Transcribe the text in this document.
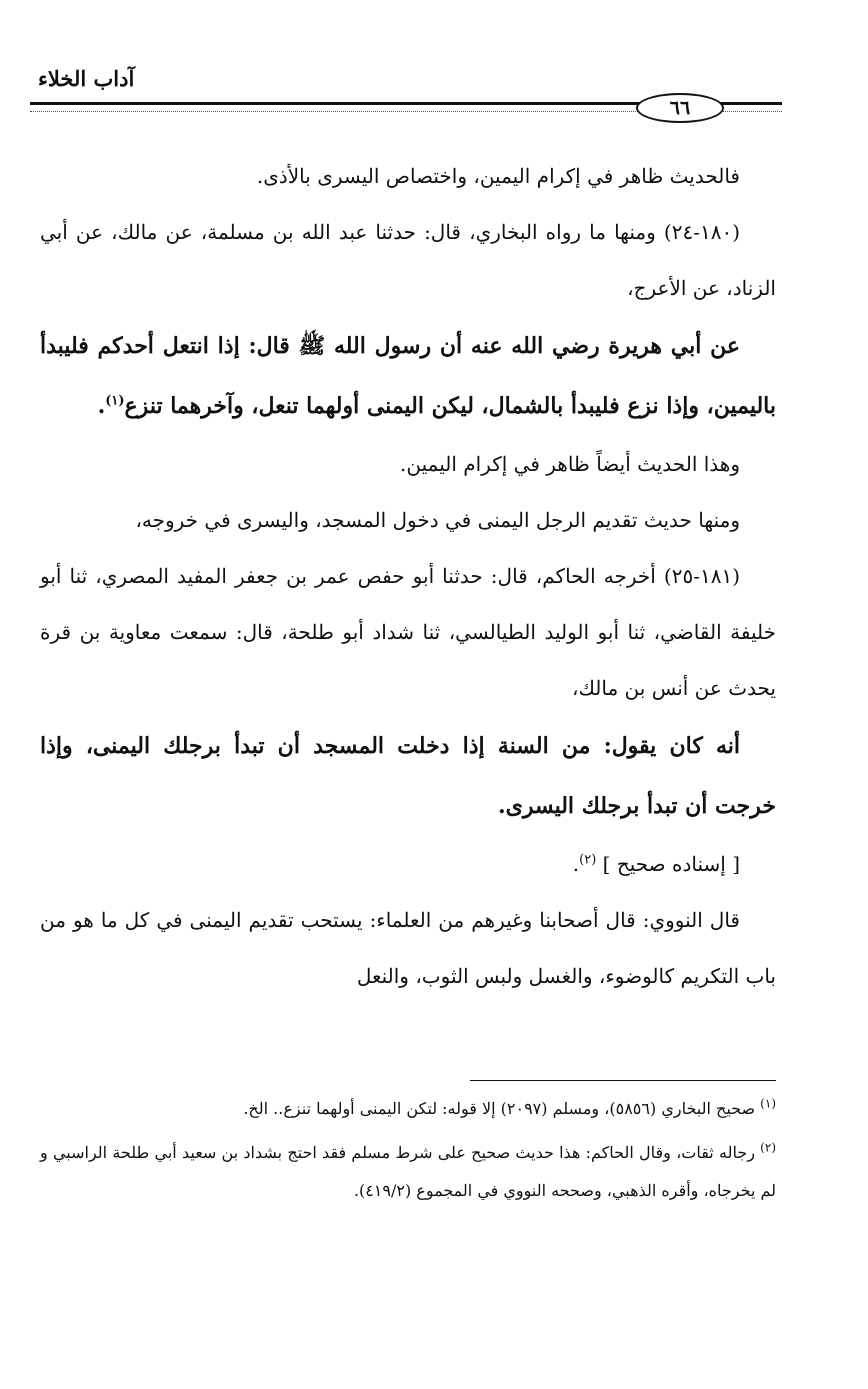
آداب الخلاء
٦٦

فالحديث ظاهر في إكرام اليمين، واختصاص اليسرى بالأذى.

(١٨٠-٢٤) ومنها ما رواه البخاري، قال: حدثنا عبد الله بن مسلمة، عن مالك، عن أبي الزناد، عن الأعرج،

عن أبي هريرة رضي الله عنه أن رسول الله ﷺ قال: إذا انتعل أحدكم فليبدأ باليمين، وإذا نزع فليبدأ بالشمال، ليكن اليمنى أولهما تنعل، وآخرهما تنزع$^{(١)}$.

وهذا الحديث أيضاً ظاهر في إكرام اليمين.

ومنها حديث تقديم الرجل اليمنى في دخول المسجد، واليسرى في خروجه،

(١٨١-٢٥) أخرجه الحاكم، قال: حدثنا أبو حفص عمر بن جعفر المفيد المصري، ثنا أبو خليفة القاضي، ثنا أبو الوليد الطيالسي، ثنا شداد أبو طلحة، قال: سمعت معاوية بن قرة يحدث عن أنس بن مالك،

أنه كان يقول: من السنة إذا دخلت المسجد أن تبدأ برجلك اليمنى، وإذا خرجت أن تبدأ برجلك اليسرى.

[ إسناده صحيح ] $^{(٢)}$.

قال النووي: قال أصحابنا وغيرهم من العلماء: يستحب تقديم اليمنى في كل ما هو من باب التكريم كالوضوء، والغسل ولبس الثوب، والنعل

$^{(١)}$ صحيح البخاري (٥٨٥٦)، ومسلم (٢٠٩٧) إلا قوله: لتكن اليمنى أولهما تنزع.. الخ.

$^{(٢)}$ رجاله ثقات، وقال الحاكم: هذا حديث صحيح على شرط مسلم فقد احتج بشداد بن سعيد أبي طلحة الراسبي و لم يخرجاه، وأقره الذهبي، وصححه النووي في المجموع (٤١٩/٢).
